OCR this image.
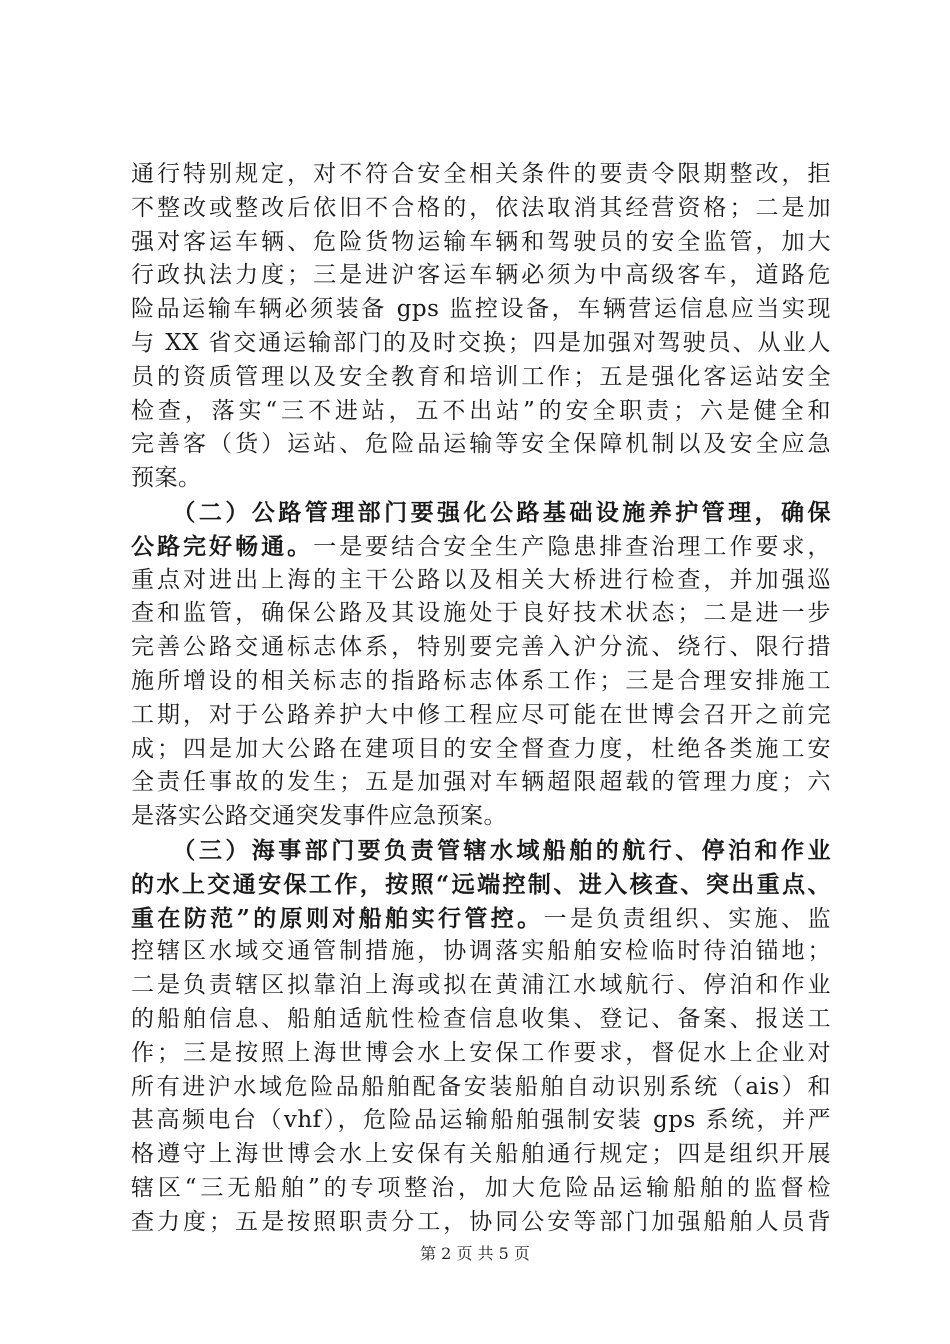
通行特别规定，对不符合安全相关条件的要责令限期整改，拒
不整改或整改后依旧不合格的，依法取消其经营资格；二是加
强对客运车辆、危险货物运输车辆和驾驶员的安全监管，加大
行政执法力度；三是进沪客运车辆必须为中高级客车，道路危
险品运输车辆必须装备 gps 监控设备，车辆营运信息应当实现
与 XX 省交通运输部门的及时交换；四是加强对驾驶员、从业人
员的资质管理以及安全教育和培训工作；五是强化客运站安全
检查，落实“三不进站，五不出站”的安全职责；六是健全和
完善客（货）运站、危险品运输等安全保障机制以及安全应急
预案。
　　（二）公路管理部门要强化公路基础设施养护管理，确保
公路完好畅通。一是要结合安全生产隐患排查治理工作要求，
重点对进出上海的主干公路以及相关大桥进行检查，并加强巡
查和监管，确保公路及其设施处于良好技术状态；二是进一步
完善公路交通标志体系，特别要完善入沪分流、绕行、限行措
施所增设的相关标志的指路标志体系工作；三是合理安排施工
工期，对于公路养护大中修工程应尽可能在世博会召开之前完
成；四是加大公路在建项目的安全督查力度，杜绝各类施工安
全责任事故的发生；五是加强对车辆超限超载的管理力度；六
是落实公路交通突发事件应急预案。
　　（三）海事部门要负责管辖水域船舶的航行、停泊和作业
的水上交通安保工作，按照“远端控制、进入核查、突出重点、
重在防范”的原则对船舶实行管控。一是负责组织、实施、监
控辖区水域交通管制措施，协调落实船舶安检临时待泊锚地；
二是负责辖区拟靠泊上海或拟在黄浦江水域航行、停泊和作业
的船舶信息、船舶适航性检查信息收集、登记、备案、报送工
作；三是按照上海世博会水上安保工作要求，督促水上企业对
所有进沪水域危险品船舶配备安装船舶自动识别系统（ais）和
甚高频电台（vhf），危险品运输船舶强制安装 gps 系统，并严
格遵守上海世博会水上安保有关船舶通行规定；四是组织开展
辖区“三无船舶”的专项整治，加大危险品运输船舶的监督检
查力度；五是按照职责分工，协同公安等部门加强船舶人员背
第 2 页 共 5 页
